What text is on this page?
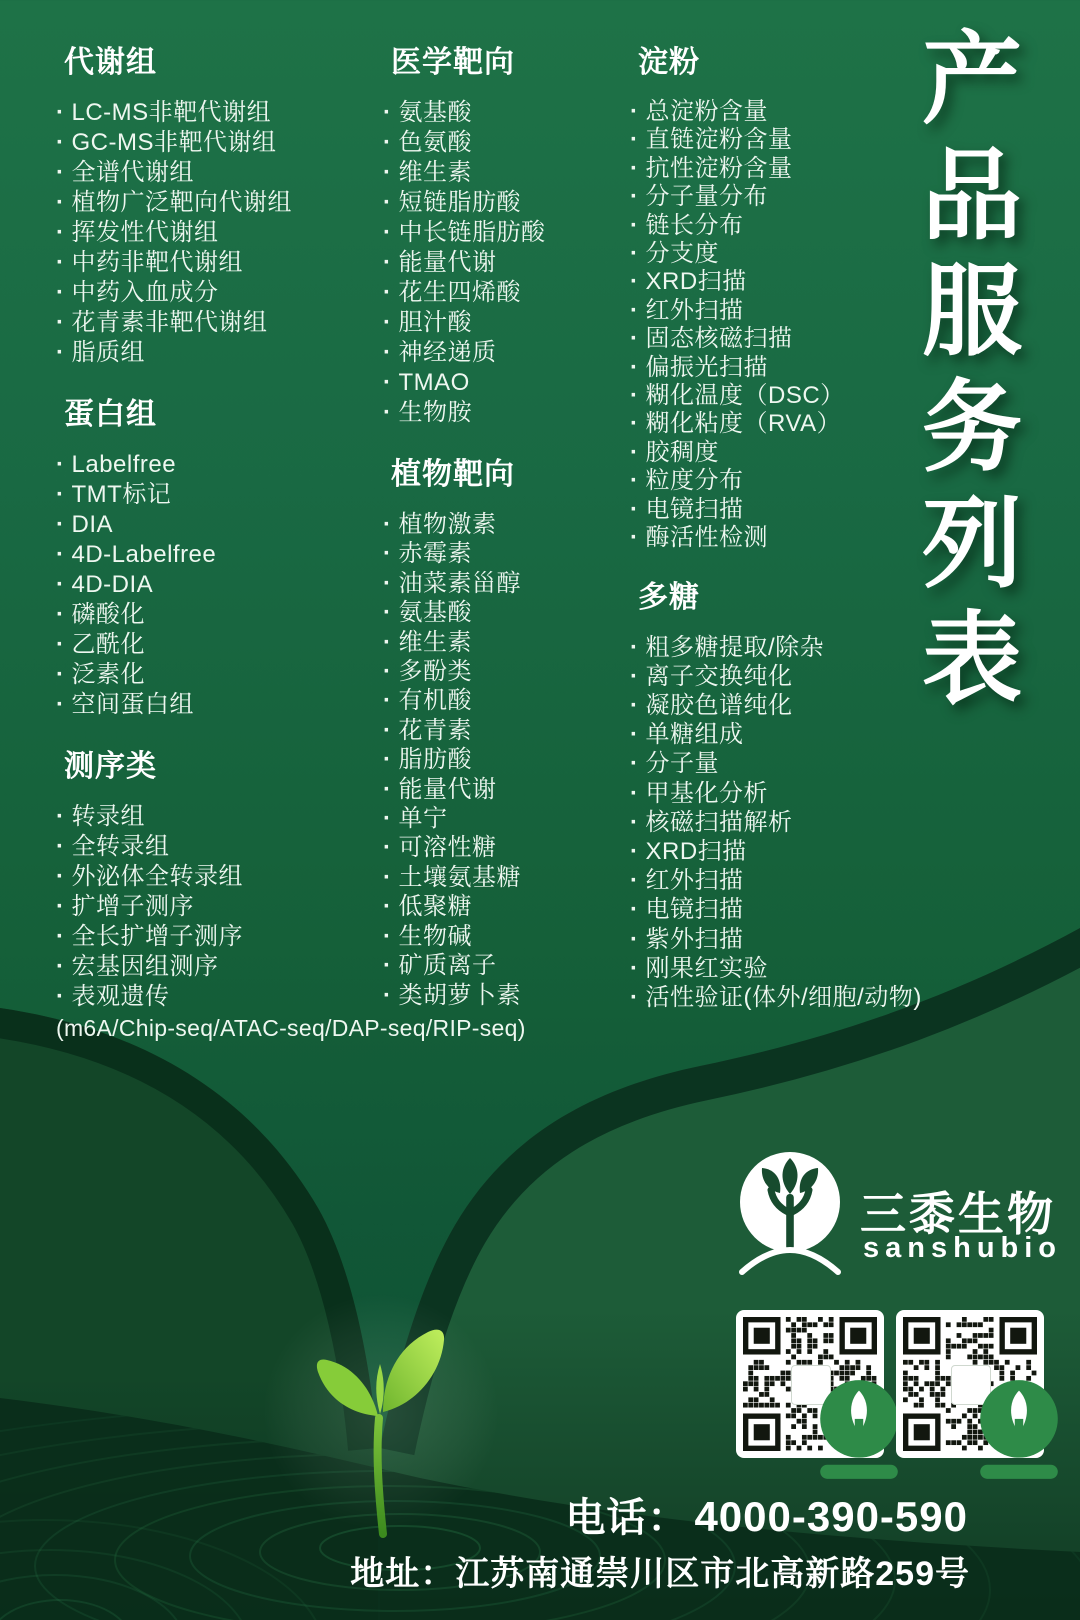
代谢组
· LC-MS非靶代谢组
· GC-MS非靶代谢组
· 全谱代谢组
· 植物广泛靶向代谢组
· 挥发性代谢组
· 中药非靶代谢组
· 中药入血成分
· 花青素非靶代谢组
· 脂质组
蛋白组
· Labelfree
· TMT标记
· DIA
· 4D-Labelfree
· 4D-DIA
· 磷酸化
· 乙酰化
· 泛素化
· 空间蛋白组
测序类
· 转录组
· 全转录组
· 外泌体全转录组
· 扩增子测序
· 全长扩增子测序
· 宏基因组测序
· 表观遗传
(m6A/Chip-seq/ATAC-seq/DAP-seq/RIP-seq)
医学靶向
· 氨基酸
· 色氨酸
· 维生素
· 短链脂肪酸
· 中长链脂肪酸
· 能量代谢
· 花生四烯酸
· 胆汁酸
· 神经递质
· TMAO
· 生物胺
植物靶向
· 植物激素
· 赤霉素
· 油菜素甾醇
· 氨基酸
· 维生素
· 多酚类
· 有机酸
· 花青素
· 脂肪酸
· 能量代谢
· 单宁
· 可溶性糖
· 土壤氨基糖
· 低聚糖
· 生物碱
· 矿质离子
· 类胡萝卜素
淀粉
· 总淀粉含量
· 直链淀粉含量
· 抗性淀粉含量
· 分子量分布
· 链长分布
· 分支度
· XRD扫描
· 红外扫描
· 固态核磁扫描
· 偏振光扫描
· 糊化温度（DSC）
· 糊化粘度（RVA）
· 胶稠度
· 粒度分布
· 电镜扫描
· 酶活性检测
多糖
· 粗多糖提取/除杂
· 离子交换纯化
· 凝胶色谱纯化
· 单糖组成
· 分子量
· 甲基化分析
· 核磁扫描解析
· XRD扫描
· 红外扫描
· 电镜扫描
· 紫外扫描
· 刚果红实验
· 活性验证(体外/细胞/动物)
产品服务列表
三黍生物
sanshubio
电话： 4000-390-590
地址：江苏南通崇川区市北高新路259号
